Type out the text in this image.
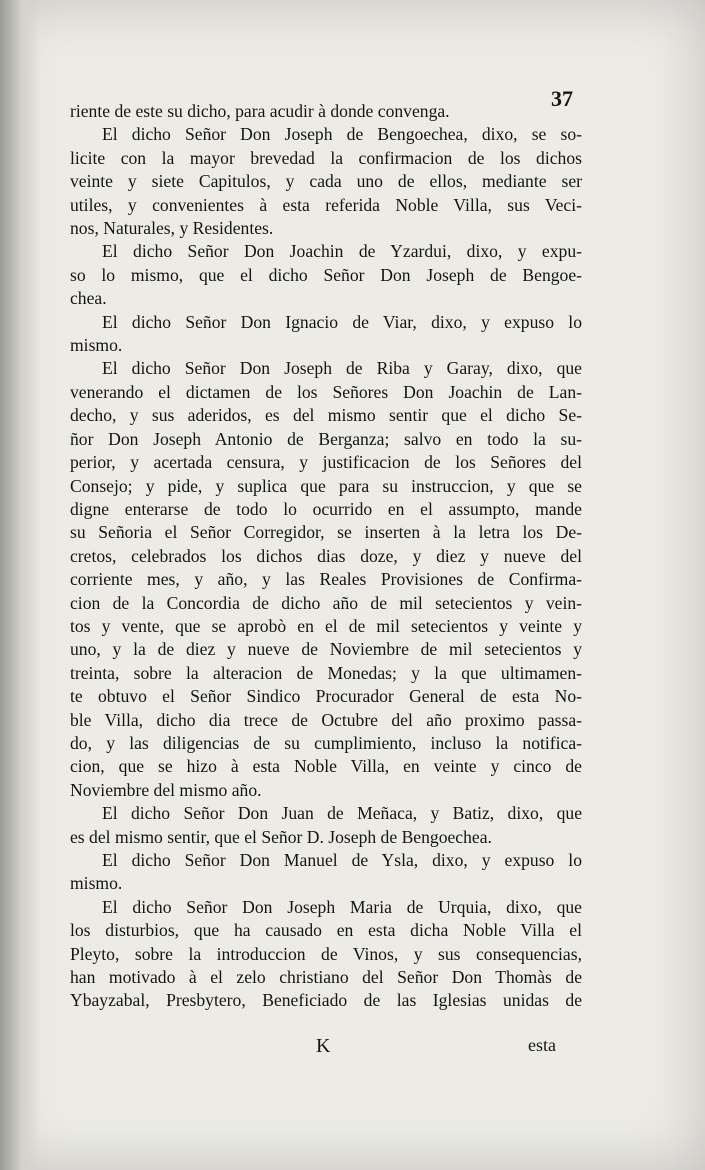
37
riente de este su dicho, para acudir à donde convenga.
El dicho Señor Don Joseph de Bengoechea, dixo, se so-
licite con la mayor brevedad la confirmacion de los dichos
veinte y siete Capitulos, y cada uno de ellos, mediante ser
utiles, y convenientes à esta referida Noble Villa, sus Veci-
nos, Naturales, y Residentes.
El dicho Señor Don Joachin de Yzardui, dixo, y expu-
so lo mismo, que el dicho Señor Don Joseph de Bengoe-
chea.
El dicho Señor Don Ignacio de Viar, dixo, y expuso lo
mismo.
El dicho Señor Don Joseph de Riba y Garay, dixo, que
venerando el dictamen de los Señores Don Joachin de Lan-
decho, y sus aderidos, es del mismo sentir que el dicho Se-
ñor Don Joseph Antonio de Berganza; salvo en todo la su-
perior, y acertada censura, y justificacion de los Señores del
Consejo; y pide, y suplica que para su instruccion, y que se
digne enterarse de todo lo ocurrido en el assumpto, mande
su Señoria el Señor Corregidor, se inserten à la letra los De-
cretos, celebrados los dichos dias doze, y diez y nueve del
corriente mes, y año, y las Reales Provisiones de Confirma-
cion de la Concordia de dicho año de mil setecientos y vein-
tos y vente, que se aprobò en el de mil setecientos y veinte y
uno, y la de diez y nueve de Noviembre de mil setecientos y
treinta, sobre la alteracion de Monedas; y la que ultimamen-
te obtuvo el Señor Sindico Procurador General de esta No-
ble Villa, dicho dia trece de Octubre del año proximo passa-
do, y las diligencias de su cumplimiento, incluso la notifica-
cion, que se hizo à esta Noble Villa, en veinte y cinco de
Noviembre del mismo año.
El dicho Señor Don Juan de Meñaca, y Batiz, dixo, que
es del mismo sentir, que el Señor D. Joseph de Bengoechea.
El dicho Señor Don Manuel de Ysla, dixo, y expuso lo
mismo.
El dicho Señor Don Joseph Maria de Urquia, dixo, que
los disturbios, que ha causado en esta dicha Noble Villa el
Pleyto, sobre la introduccion de Vinos, y sus consequencias,
han motivado à el zelo christiano del Señor Don Thomàs de
Ybayzabal, Presbytero, Beneficiado de las Iglesias unidas de
K	esta
